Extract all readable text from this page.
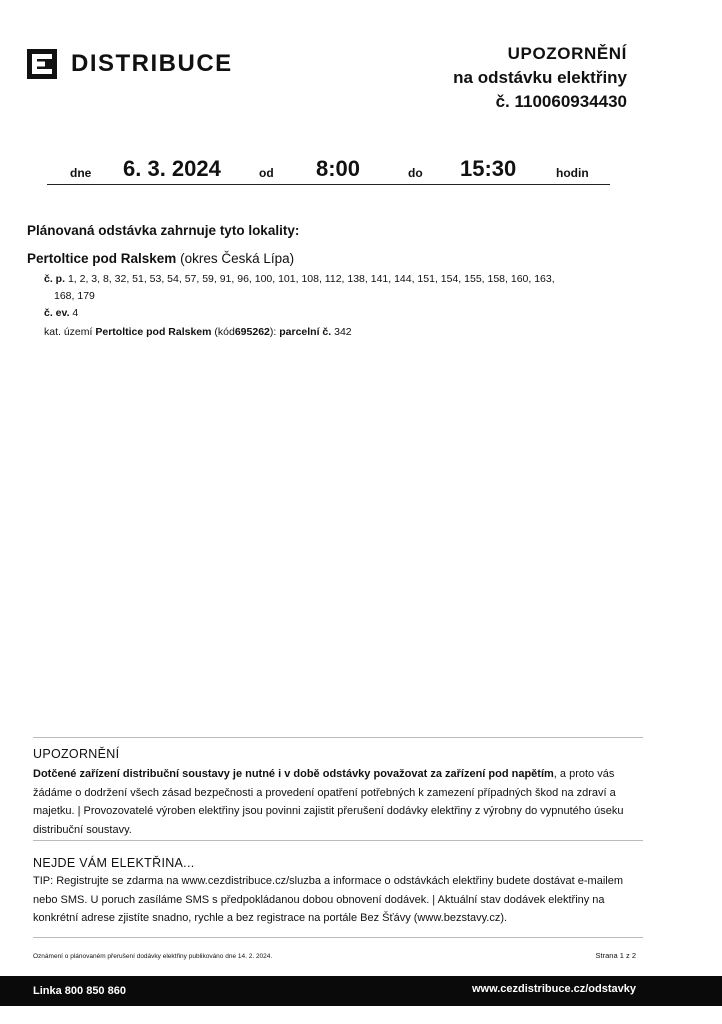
DISTRIBUCE	UPOZORNĚNÍ
na odstávku elektřiny
č. 110060934430
dne 6. 3. 2024	od 8:00	do 15:30	hodin
Plánovaná odstávka zahrnuje tyto lokality:
Pertoltice pod Ralskem (okres Česká Lípa)
č. p. 1, 2, 3, 8, 32, 51, 53, 54, 57, 59, 91, 96, 100, 101, 108, 112, 138, 141, 144, 151, 154, 155, 158, 160, 163,
168, 179
č. ev. 4
kat. území Pertoltice pod Ralskem (kód695262): parcelní č. 342
UPOZORNĚNÍ
Dotčené zařízení distribuční soustavy je nutné i v době odstávky považovat za zařízení pod napětím, a proto vás žádáme o dodržení všech zásad bezpečnosti a provedení opatření potřebných k zamezení případných škod na zdraví a majetku. | Provozovatelé výroben elektřiny jsou povinni zajistit přerušení dodávky elektřiny z výrobny do vypnutého úseku distribuční soustavy.
NEJDE VÁM ELEKTŘINA...
TIP: Registrujte se zdarma na www.cezdistribuce.cz/sluzba a informace o odstávkách elektřiny budete dostávat e-mailem nebo SMS. U poruch zasíláme SMS s předpokládanou dobou obnovení dodávek. | Aktuální stav dodávek elektřiny na konkrétní adrese zjistíte snadno, rychle a bez registrace na portále Bez Šťávy (www.bezstavy.cz).
Oznámení o plánovaném přerušení dodávky elektřiny publikováno dne 14. 2. 2024.	Strana 1 z 2
Linka 800 850 860	www.cezdistribuce.cz/odstavky
